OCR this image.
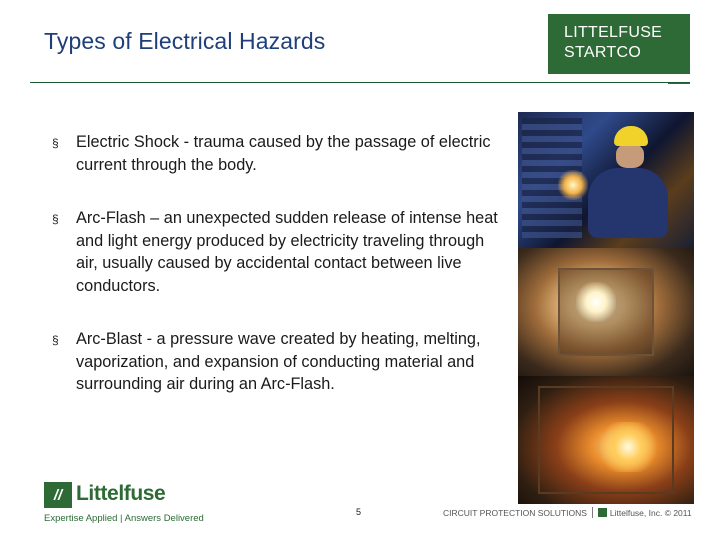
Types of Electrical Hazards	LITTELFUSE
STARTCO
§ Electric Shock - trauma caused by the passage of electric current through the body.
§ Arc-Flash – an unexpected sudden release of intense heat and light energy produced by electricity traveling through air, usually caused by accidental contact between live conductors.
§ Arc-Blast - a pressure wave created by heating, melting, vaporization, and expansion of conducting material and surrounding air during an Arc-Flash.
// Littelfuse
Expertise Applied | Answers Delivered
5	CIRCUIT PROTECTION SOLUTIONS	Littelfuse, Inc. © 2011
